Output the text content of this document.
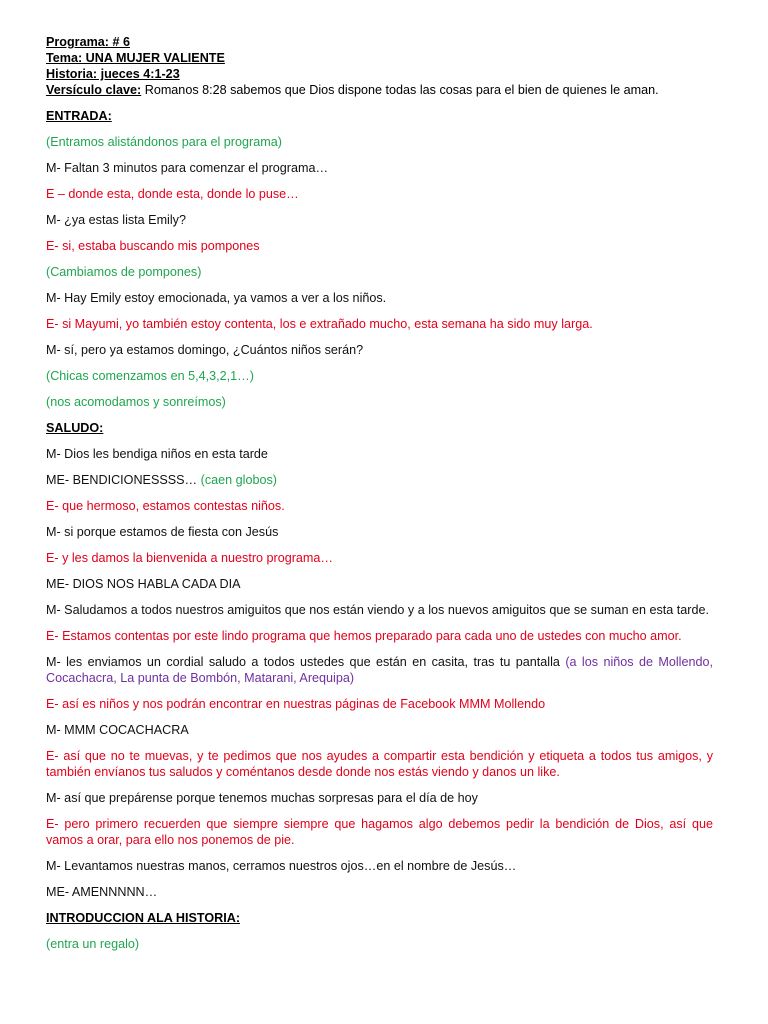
Programa: # 6
Tema: UNA MUJER VALIENTE
Historia: jueces 4:1-23
Versículo clave: Romanos 8:28 sabemos que Dios dispone todas las cosas para el bien de quienes le aman.

ENTRADA:

(Entramos alistándonos para el programa)

M- Faltan 3 minutos para comenzar el programa…

E – donde esta, donde esta, donde lo puse…

M- ¿ya estas lista Emily?

E- si, estaba buscando mis pompones

(Cambiamos de pompones)

M- Hay Emily estoy emocionada, ya vamos a ver a los niños.

E- si Mayumi, yo también estoy contenta, los e extrañado mucho, esta semana ha sido muy larga.

M- sí, pero ya estamos domingo, ¿Cuántos niños serán?

(Chicas comenzamos en 5,4,3,2,1…)

(nos acomodamos y sonreímos)

SALUDO:

M- Dios les bendiga niños en esta tarde

ME- BENDICIONESSSS… (caen globos)

E- que hermoso, estamos contestas niños.

M- si porque estamos de fiesta con Jesús

E- y les damos la bienvenida a nuestro programa…

ME- DIOS NOS HABLA CADA DIA

M- Saludamos a todos nuestros amiguitos que nos están viendo y a los nuevos amiguitos que se suman en esta tarde.

E- Estamos contentas por este lindo programa que hemos preparado para cada uno de ustedes con mucho amor.

M- les enviamos un cordial saludo a todos ustedes que están en casita, tras tu pantalla (a los niños de Mollendo, Cocachacra, La punta de Bombón, Matarani, Arequipa)

E- así es niños y nos podrán encontrar en nuestras páginas de Facebook MMM Mollendo

M- MMM COCACHACRA

E- así que no te muevas, y te pedimos que nos ayudes a compartir esta bendición y etiqueta a todos tus amigos, y también envíanos tus saludos y coméntanos desde donde nos estás viendo y danos un like.

M- así que prepárense porque tenemos muchas sorpresas para el día de hoy

E- pero primero recuerden que siempre siempre que hagamos algo debemos pedir la bendición de Dios, así que vamos a orar, para ello nos ponemos de pie.

M- Levantamos nuestras manos, cerramos nuestros ojos…en el nombre de Jesús…

ME- AMENNNNN…

INTRODUCCION ALA HISTORIA:

(entra un regalo)
